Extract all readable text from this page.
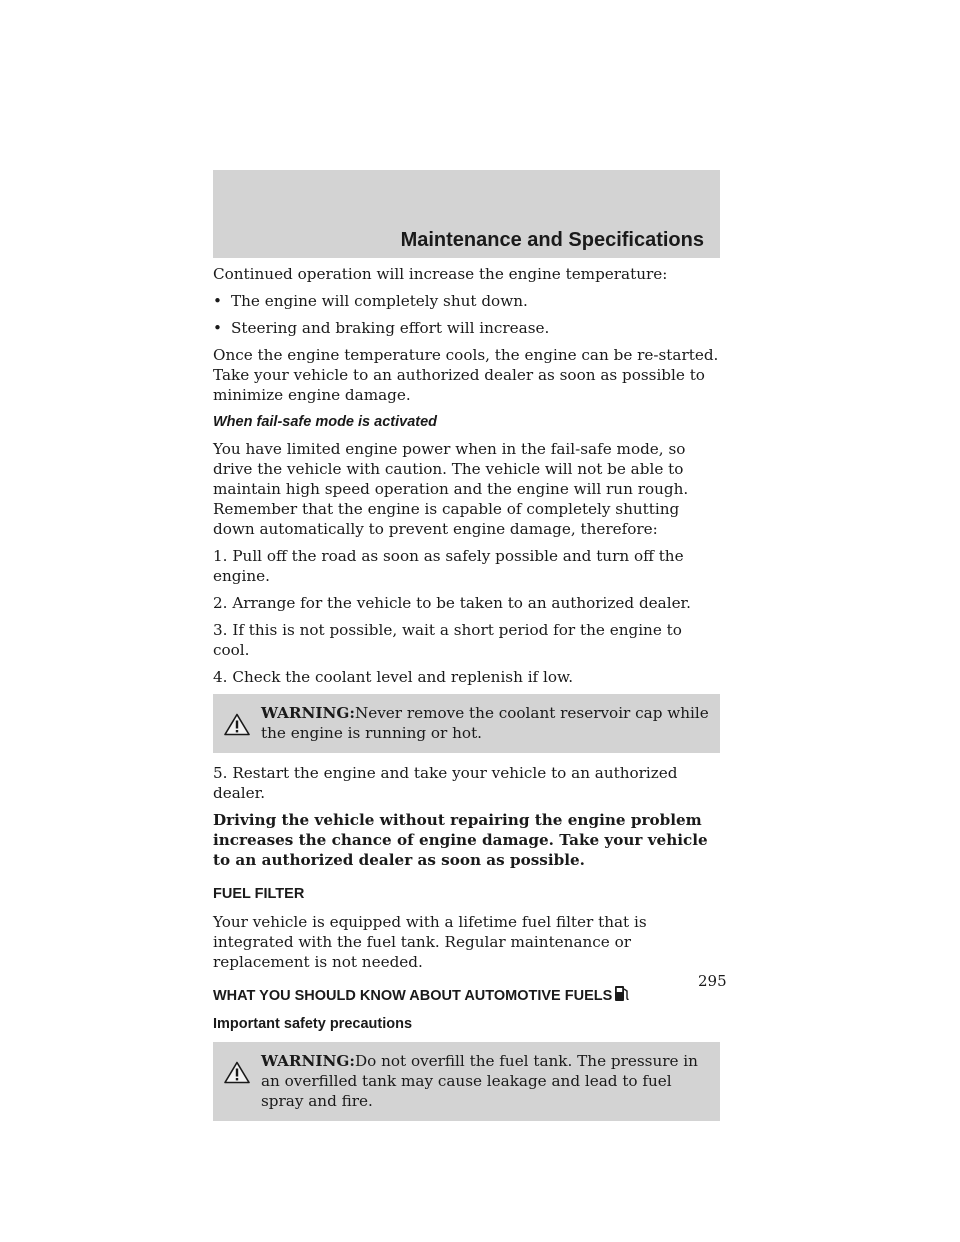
Maintenance and Specifications

Continued operation will increase the engine temperature:

• The engine will completely shut down.
• Steering and braking effort will increase.

Once the engine temperature cools, the engine can be re-started. Take your vehicle to an authorized dealer as soon as possible to minimize engine damage.

When fail-safe mode is activated

You have limited engine power when in the fail-safe mode, so drive the vehicle with caution. The vehicle will not be able to maintain high speed operation and the engine will run rough. Remember that the engine is capable of completely shutting down automatically to prevent engine damage, therefore:

1. Pull off the road as soon as safely possible and turn off the engine.

2. Arrange for the vehicle to be taken to an authorized dealer.

3. If this is not possible, wait a short period for the engine to cool.

4. Check the coolant level and replenish if low.

WARNING:Never remove the coolant reservoir cap while the engine is running or hot.

5. Restart the engine and take your vehicle to an authorized dealer.

Driving the vehicle without repairing the engine problem increases the chance of engine damage. Take your vehicle to an authorized dealer as soon as possible.

FUEL FILTER

Your vehicle is equipped with a lifetime fuel filter that is integrated with the fuel tank. Regular maintenance or replacement is not needed.

WHAT YOU SHOULD KNOW ABOUT AUTOMOTIVE FUELS
Important safety precautions
WARNING:Do not overfill the fuel tank. The pressure in an overfilled tank may cause leakage and lead to fuel spray and fire.
295
